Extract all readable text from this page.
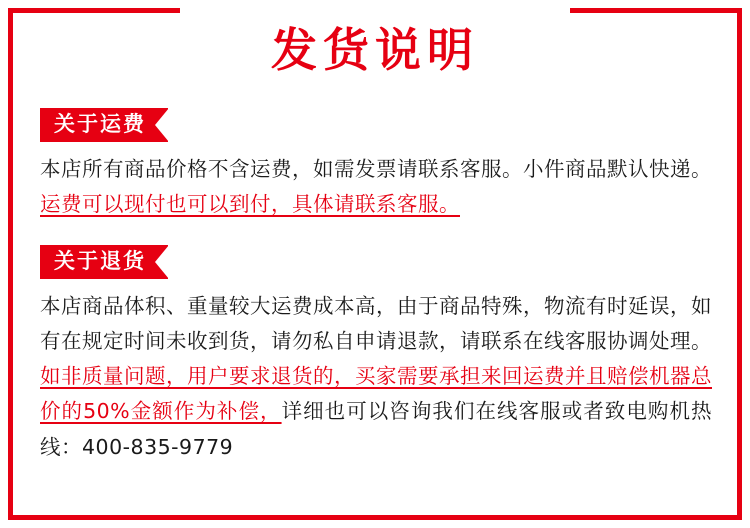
发货说明
关于运费
本店所有商品价格不含运费，如需发票请联系客服。小件商品默认快递。运费可以现付也可以到付，具体请联系客服。
关于退货
本店商品体积、重量较大运费成本高，由于商品特殊，物流有时延误，如有在规定时间未收到货，请勿私自申请退款，请联系在线客服协调处理。如非质量问题，用户要求退货的，买家需要承担来回运费并且赔偿机器总价的50%金额作为补偿，详细也可以咨询我们在线客服或者致电购机热线：400-835-9779
